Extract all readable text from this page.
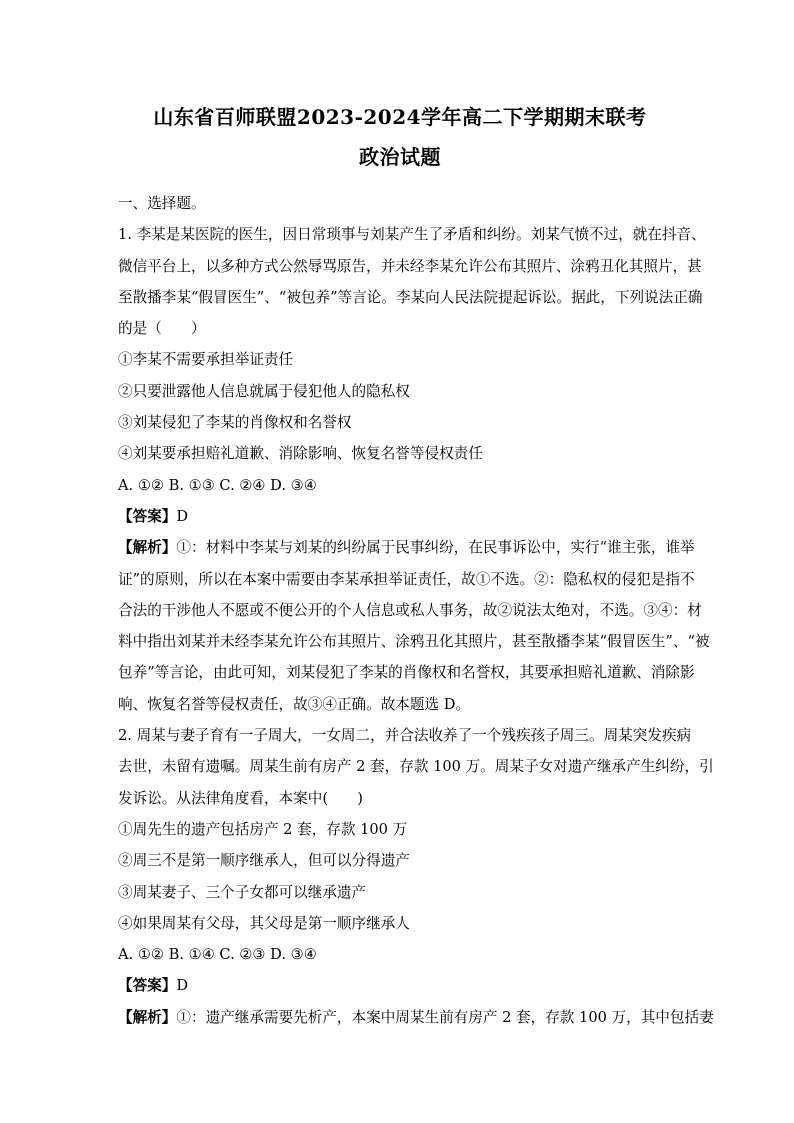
山东省百师联盟2023-2024学年高二下学期期末联考
政治试题

一、选择题。

1. 李某是某医院的医生，因日常琐事与刘某产生了矛盾和纠纷。刘某气愤不过，就在抖音、

微信平台上，以多种方式公然辱骂原告，并未经李某允许公布其照片、涂鸦丑化其照片，甚

至散播李某“假冒医生”、“被包养”等言论。李某向人民法院提起诉讼。据此，下列说法正确

的是（　　）

①李某不需要承担举证责任

②只要泄露他人信息就属于侵犯他人的隐私权

③刘某侵犯了李某的肖像权和名誉权

④刘某要承担赔礼道歉、消除影响、恢复名誉等侵权责任

A. ①② B. ①③ C. ②④ D. ③④

【答案】D

【解析】①：材料中李某与刘某的纠纷属于民事纠纷，在民事诉讼中，实行“谁主张，谁举

证”的原则，所以在本案中需要由李某承担举证责任，故①不选。②：隐私权的侵犯是指不

合法的干涉他人不愿或不便公开的个人信息或私人事务，故②说法太绝对，不选。③④：材

料中指出刘某并未经李某允许公布其照片、涂鸦丑化其照片，甚至散播李某“假冒医生”、“被

包养”等言论，由此可知，刘某侵犯了李某的肖像权和名誉权，其要承担赔礼道歉、消除影

响、恢复名誉等侵权责任，故③④正确。故本题选 D。

2. 周某与妻子育有一子周大，一女周二，并合法收养了一个残疾孩子周三。周某突发疾病

去世，未留有遗嘱。周某生前有房产 2 套，存款 100 万。周某子女对遗产继承产生纠纷，引

发诉讼。从法律角度看，本案中(　　)

①周先生的遗产包括房产 2 套，存款 100 万

②周三不是第一顺序继承人，但可以分得遗产

③周某妻子、三个子女都可以继承遗产

④如果周某有父母，其父母是第一顺序继承人

A. ①② B. ①④ C. ②③ D. ③④

【答案】D

【解析】①：遗产继承需要先析产，本案中周某生前有房产 2 套，存款 100 万，其中包括妻
